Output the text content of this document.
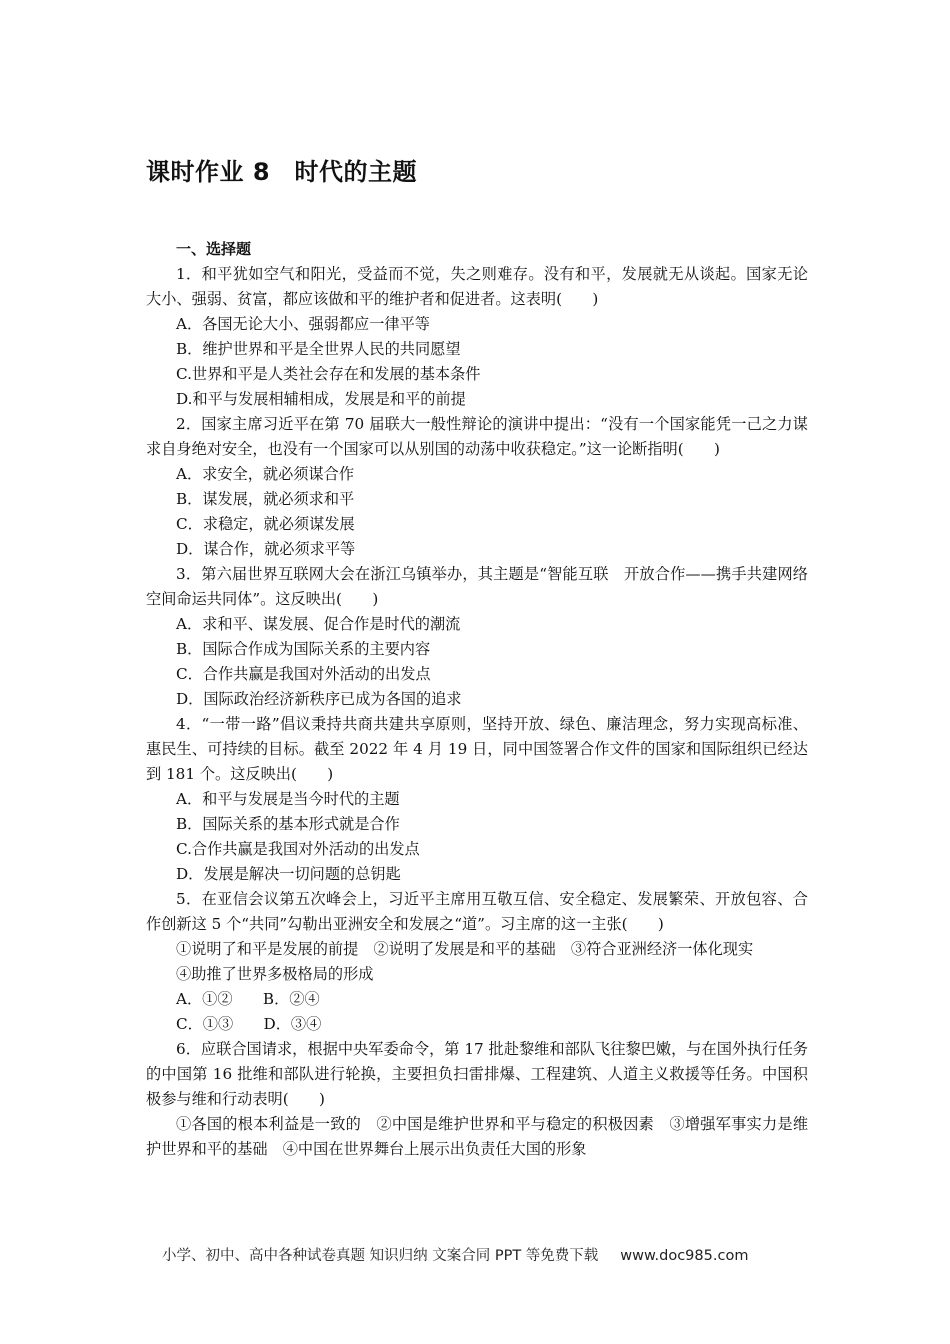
课时作业 8　时代的主题
一、选择题

1．和平犹如空气和阳光，受益而不觉，失之则难存。没有和平，发展就无从谈起。国家无论大小、强弱、贫富，都应该做和平的维护者和促进者。这表明(　　)

A．各国无论大小、强弱都应一律平等

B．维护世界和平是全世界人民的共同愿望

C.世界和平是人类社会存在和发展的基本条件

D.和平与发展相辅相成，发展是和平的前提

2．国家主席习近平在第 70 届联大一般性辩论的演讲中提出：“没有一个国家能凭一己之力谋求自身绝对安全，也没有一个国家可以从别国的动荡中收获稳定。”这一论断指明(　　)

A．求安全，就必须谋合作

B．谋发展，就必须求和平

C．求稳定，就必须谋发展

D．谋合作，就必须求平等

3．第六届世界互联网大会在浙江乌镇举办，其主题是“智能互联　开放合作——携手共建网络空间命运共同体”。这反映出(　　)

A．求和平、谋发展、促合作是时代的潮流

B．国际合作成为国际关系的主要内容

C．合作共赢是我国对外活动的出发点

D．国际政治经济新秩序已成为各国的追求

4．“一带一路”倡议秉持共商共建共享原则，坚持开放、绿色、廉洁理念，努力实现高标准、惠民生、可持续的目标。截至 2022 年 4 月 19 日，同中国签署合作文件的国家和国际组织已经达到 181 个。这反映出(　　)

A．和平与发展是当今时代的主题

B．国际关系的基本形式就是合作

C.合作共赢是我国对外活动的出发点

D．发展是解决一切问题的总钥匙

5．在亚信会议第五次峰会上，习近平主席用互敬互信、安全稳定、发展繁荣、开放包容、合作创新这 5 个“共同”勾勒出亚洲安全和发展之“道”。习主席的这一主张(　　)

①说明了和平是发展的前提　②说明了发展是和平的基础　③符合亚洲经济一体化现实

④助推了世界多极格局的形成

A．①②　　B．②④

C．①③　　D．③④

6．应联合国请求，根据中央军委命令，第 17 批赴黎维和部队飞往黎巴嫩，与在国外执行任务的中国第 16 批维和部队进行轮换，主要担负扫雷排爆、工程建筑、人道主义救援等任务。中国积极参与维和行动表明(　　)

①各国的根本利益是一致的　②中国是维护世界和平与稳定的积极因素　③增强军事实力是维护世界和平的基础　④中国在世界舞台上展示出负责任大国的形象

小学、初中、高中各种试卷真题 知识归纳 文案合同 PPT 等免费下载 www.doc985.com
